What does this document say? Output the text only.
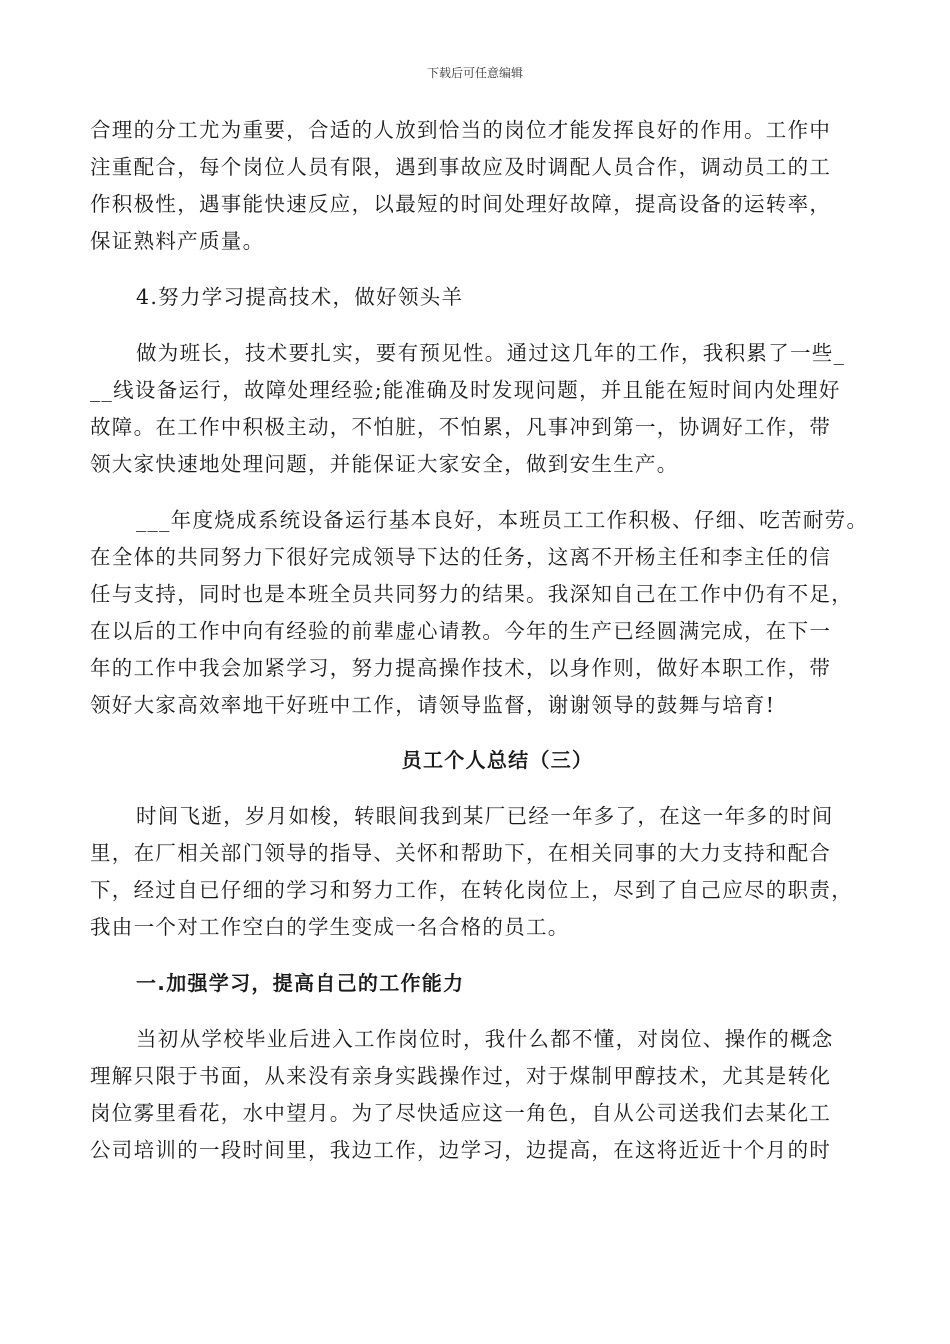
下载后可任意编辑
合理的分工尤为重要，合适的人放到恰当的岗位才能发挥良好的作用。工作中
注重配合，每个岗位人员有限，遇到事故应及时调配人员合作，调动员工的工
作积极性，遇事能快速反应，以最短的时间处理好故障，提高设备的运转率，
保证熟料产质量。
4.努力学习提高技术，做好领头羊
做为班长，技术要扎实，要有预见性。通过这几年的工作，我积累了一些_
__线设备运行，故障处理经验;能准确及时发现问题，并且能在短时间内处理好
故障。在工作中积极主动，不怕脏，不怕累，凡事冲到第一，协调好工作，带
领大家快速地处理问题，并能保证大家安全，做到安生生产。
___年度烧成系统设备运行基本良好，本班员工工作积极、仔细、吃苦耐劳。
在全体的共同努力下很好完成领导下达的任务，这离不开杨主任和李主任的信
任与支持，同时也是本班全员共同努力的结果。我深知自己在工作中仍有不足，
在以后的工作中向有经验的前辈虚心请教。今年的生产已经圆满完成，在下一
年的工作中我会加紧学习，努力提高操作技术，以身作则，做好本职工作，带
领好大家高效率地干好班中工作，请领导监督，谢谢领导的鼓舞与培育!
员工个人总结（三）
时间飞逝，岁月如梭，转眼间我到某厂已经一年多了，在这一年多的时间
里，在厂相关部门领导的指导、关怀和帮助下，在相关同事的大力支持和配合
下，经过自已仔细的学习和努力工作，在转化岗位上，尽到了自己应尽的职责，
我由一个对工作空白的学生变成一名合格的员工。
一.加强学习，提高自己的工作能力
当初从学校毕业后进入工作岗位时，我什么都不懂，对岗位、操作的概念
理解只限于书面，从来没有亲身实践操作过，对于煤制甲醇技术，尤其是转化
岗位雾里看花，水中望月。为了尽快适应这一角色，自从公司送我们去某化工
公司培训的一段时间里，我边工作，边学习，边提高，在这将近近十个月的时
